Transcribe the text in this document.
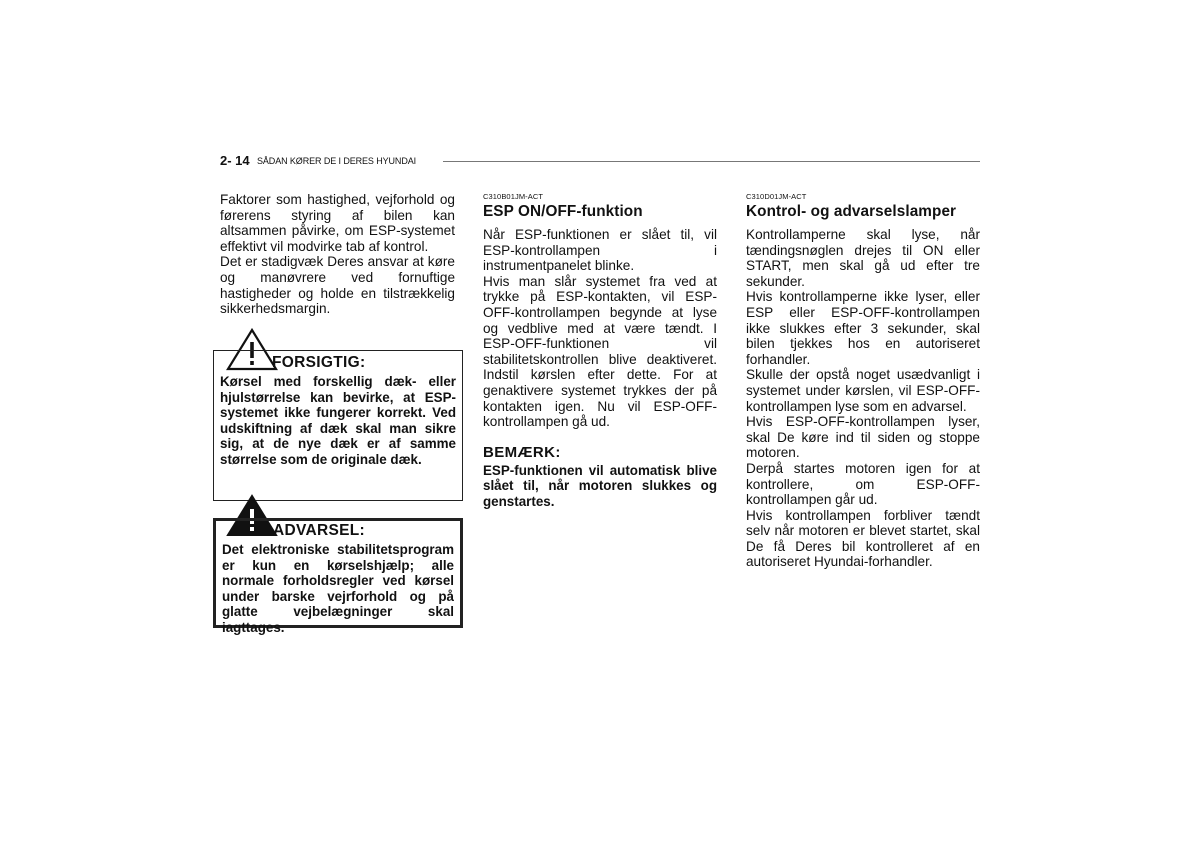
2- 14 SÅDAN KØRER DE I DERES HYUNDAI

Faktorer som hastighed, vejforhold og førerens styring af bilen kan altsammen påvirke, om ESP-systemet effektivt vil modvirke tab af kontrol.

Det er stadigvæk Deres ansvar at køre og manøvrere ved fornuftige hastigheder og holde en tilstrækkelig sikkerhedsmargin.

FORSIGTIG:
Kørsel med forskellig dæk- eller hjulstørrelse kan bevirke, at ESP-systemet ikke fungerer korrekt. Ved udskiftning af dæk skal man sikre sig, at de nye dæk er af samme størrelse som de originale dæk.
ADVARSEL:
Det elektroniske stabilitetsprogram er kun en kørselshjælp; alle normale forholdsregler ved kørsel under barske vejrforhold og på glatte vejbelægninger skal iagttages.
C310B01JM-ACT
ESP ON/OFF-funktion

Når ESP-funktionen er slået til, vil ESP-kontrollampen i instrumentpanelet blinke.

Hvis man slår systemet fra ved at trykke på ESP-kontakten, vil ESP-OFF-kontrollampen begynde at lyse og vedblive med at være tændt. I ESP-OFF-funktionen vil stabilitetskontrollen blive deaktiveret. Indstil kørslen efter dette. For at genaktivere systemet trykkes der på kontakten igen. Nu vil ESP-OFF-kontrollampen gå ud.

BEMÆRK:

ESP-funktionen vil automatisk blive slået til, når motoren slukkes og genstartes.

C310D01JM-ACT
Kontrol- og advarselslamper

Kontrollamperne skal lyse, når tændingsnøglen drejes til ON eller START, men skal gå ud efter tre sekunder.

Hvis kontrollamperne ikke lyser, eller ESP eller ESP-OFF-kontrollampen ikke slukkes efter 3 sekunder, skal bilen tjekkes hos en autoriseret forhandler.

Skulle der opstå noget usædvanligt i systemet under kørslen, vil ESP-OFF-kontrollampen lyse som en advarsel.

Hvis ESP-OFF-kontrollampen lyser, skal De køre ind til siden og stoppe motoren.

Derpå startes motoren igen for at kontrollere, om ESP-OFF-kontrollampen går ud.

Hvis kontrollampen forbliver tændt selv når motoren er blevet startet, skal De få Deres bil kontrolleret af en autoriseret Hyundai-forhandler.
